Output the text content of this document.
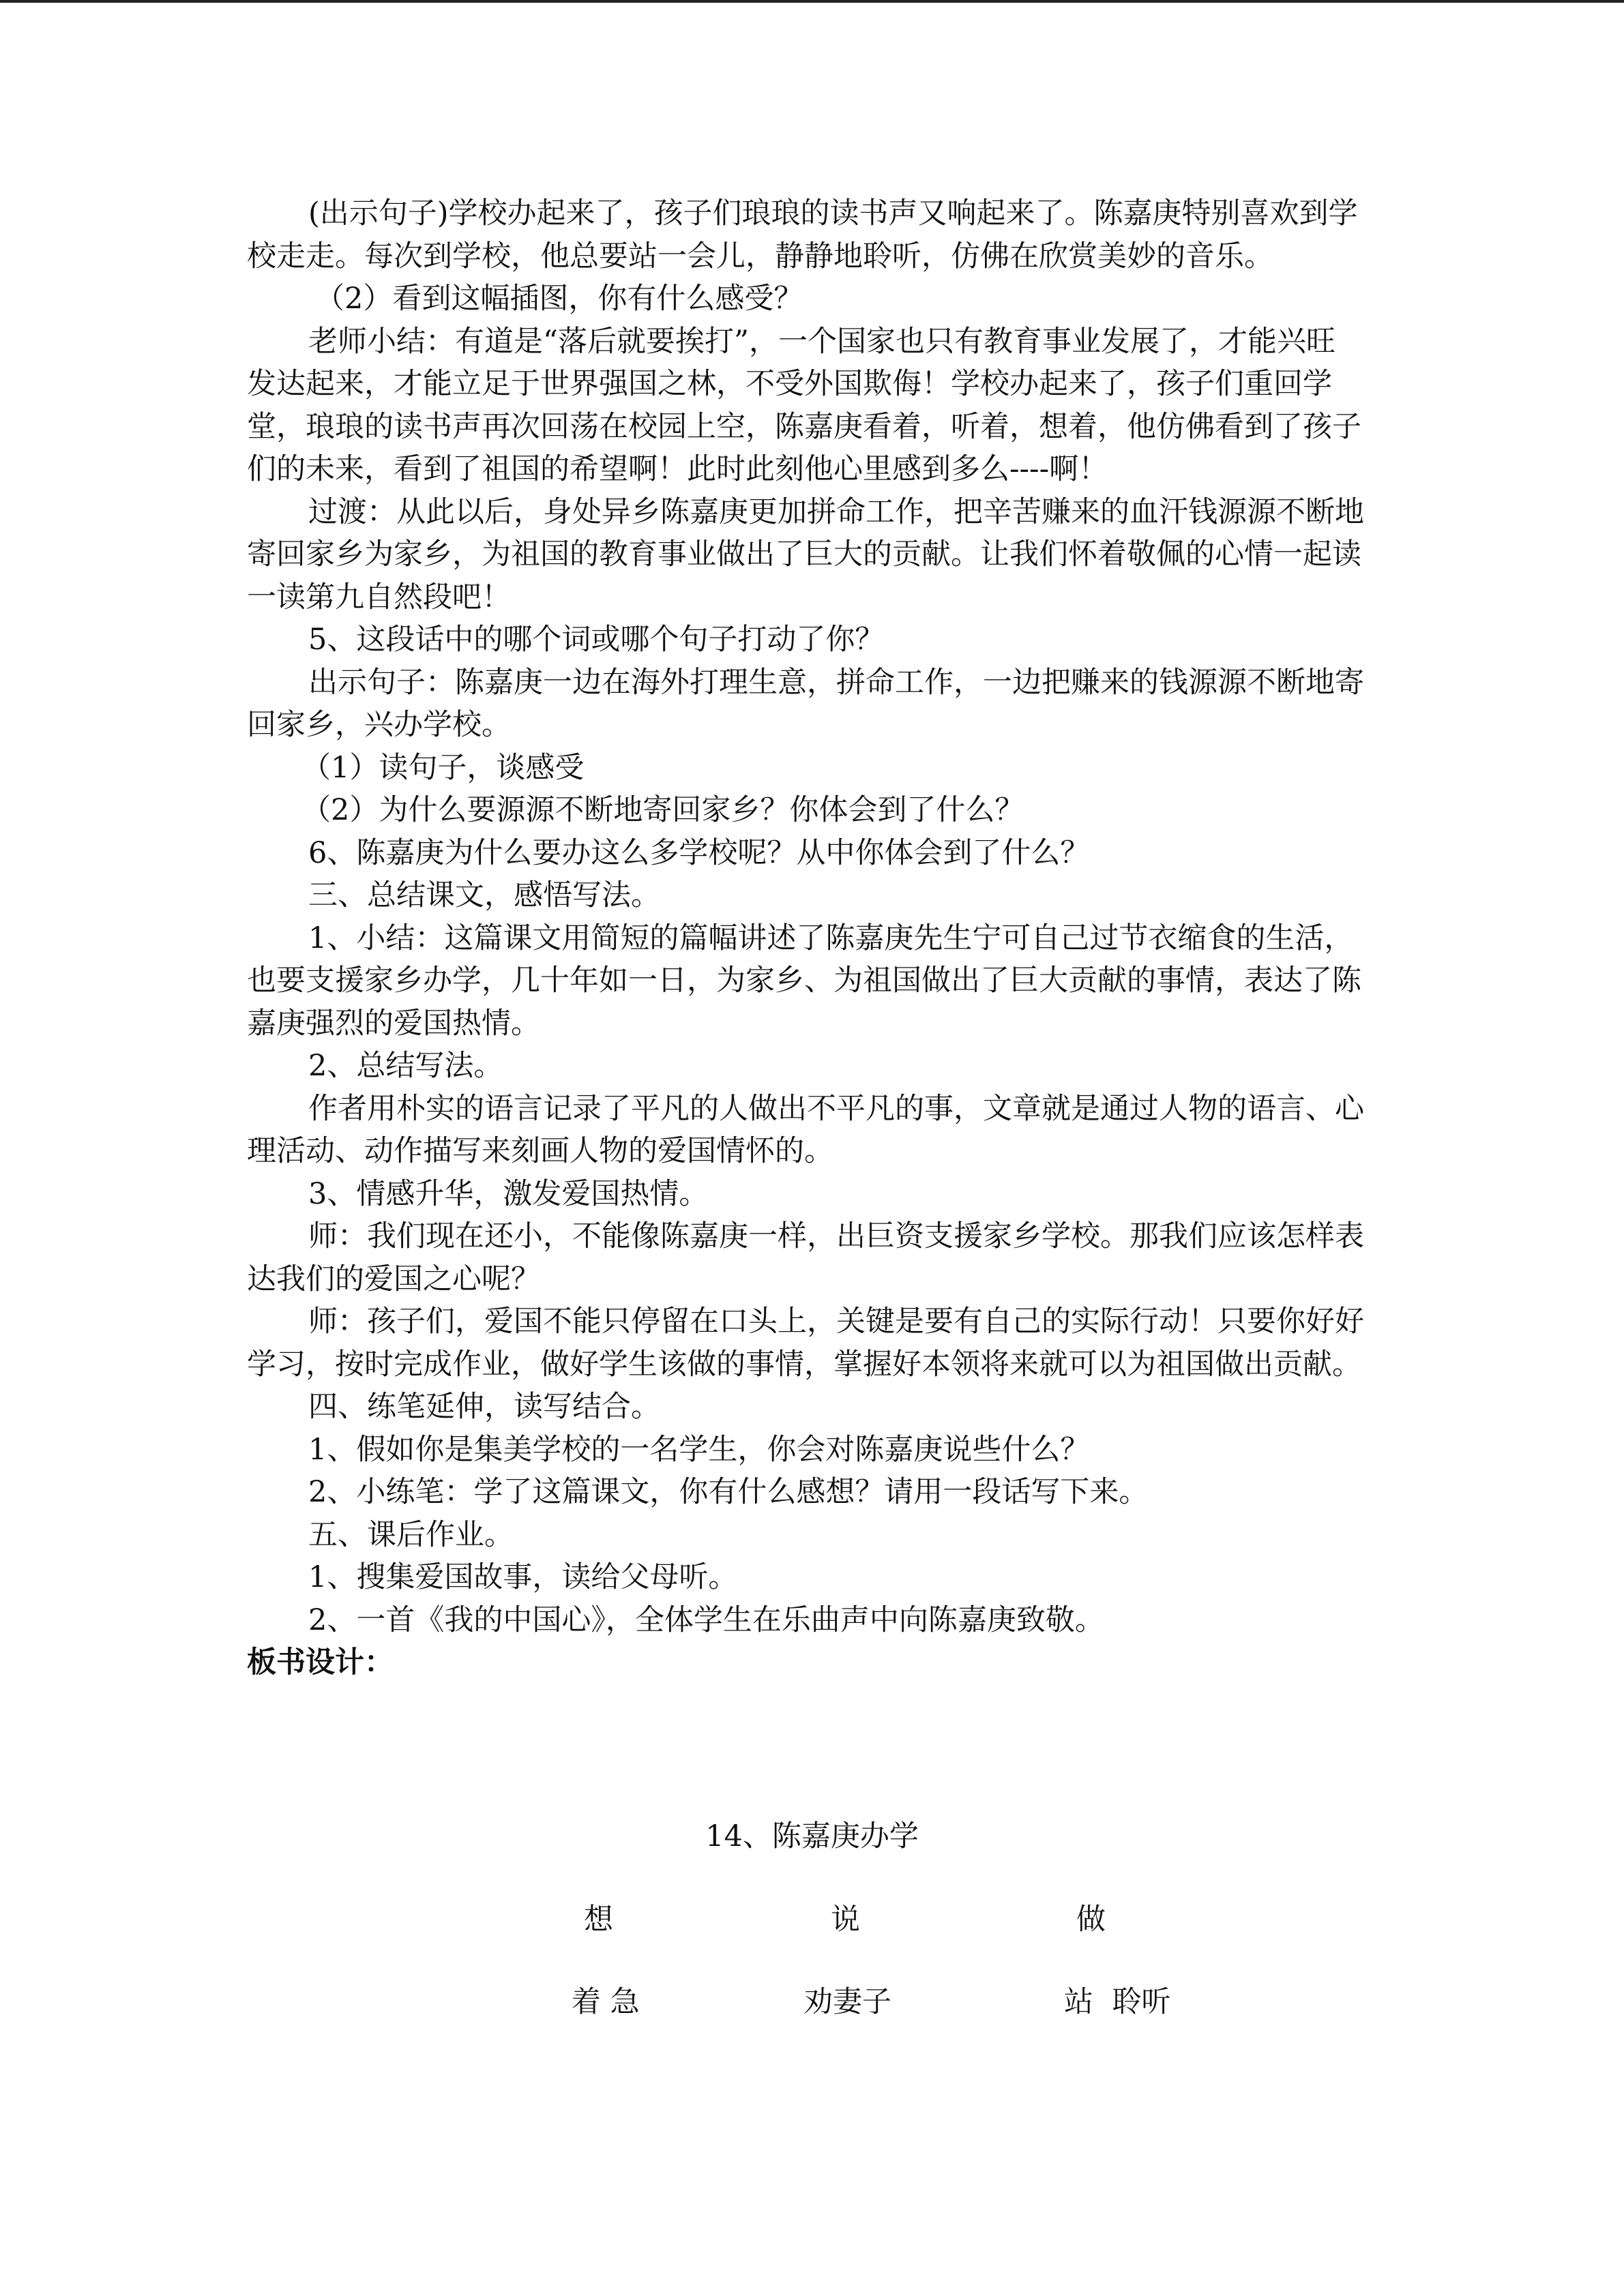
(出示句子)学校办起来了，孩子们琅琅的读书声又响起来了。陈嘉庚特别喜欢到学校走走。每次到学校，他总要站一会儿，静静地聆听，仿佛在欣赏美妙的音乐。

（2）看到这幅插图，你有什么感受？

老师小结：有道是“落后就要挨打”，一个国家也只有教育事业发展了，才能兴旺发达起来，才能立足于世界强国之林，不受外国欺侮！学校办起来了，孩子们重回学堂，琅琅的读书声再次回荡在校园上空，陈嘉庚看着，听着，想着，他仿佛看到了孩子们的未来，看到了祖国的希望啊！此时此刻他心里感到多么----啊！

过渡：从此以后，身处异乡陈嘉庚更加拼命工作，把辛苦赚来的血汗钱源源不断地寄回家乡为家乡，为祖国的教育事业做出了巨大的贡献。让我们怀着敬佩的心情一起读一读第九自然段吧！

5、这段话中的哪个词或哪个句子打动了你？

出示句子：陈嘉庚一边在海外打理生意，拼命工作，一边把赚来的钱源源不断地寄回家乡，兴办学校。

（1）读句子，谈感受

（2）为什么要源源不断地寄回家乡？你体会到了什么？

6、陈嘉庚为什么要办这么多学校呢？从中你体会到了什么？

三、总结课文，感悟写法。

1、小结：这篇课文用简短的篇幅讲述了陈嘉庚先生宁可自己过节衣缩食的生活，也要支援家乡办学，几十年如一日，为家乡、为祖国做出了巨大贡献的事情，表达了陈嘉庚强烈的爱国热情。

2、总结写法。

作者用朴实的语言记录了平凡的人做出不平凡的事，文章就是通过人物的语言、心理活动、动作描写来刻画人物的爱国情怀的。

3、情感升华，激发爱国热情。

师：我们现在还小，不能像陈嘉庚一样，出巨资支援家乡学校。那我们应该怎样表达我们的爱国之心呢？

师：孩子们，爱国不能只停留在口头上，关键是要有自己的实际行动！只要你好好学习，按时完成作业，做好学生该做的事情，掌握好本领将来就可以为祖国做出贡献。

四、练笔延伸，读写结合。

1、假如你是集美学校的一名学生，你会对陈嘉庚说些什么？

2、小练笔：学了这篇课文，你有什么感想？请用一段话写下来。

五、课后作业。

1、搜集爱国故事，读给父母听。

2、一首《我的中国心》，全体学生在乐曲声中向陈嘉庚致敬。

板书设计：

14、陈嘉庚办学
想	说	做
着 急	劝妻子	站  聆听
